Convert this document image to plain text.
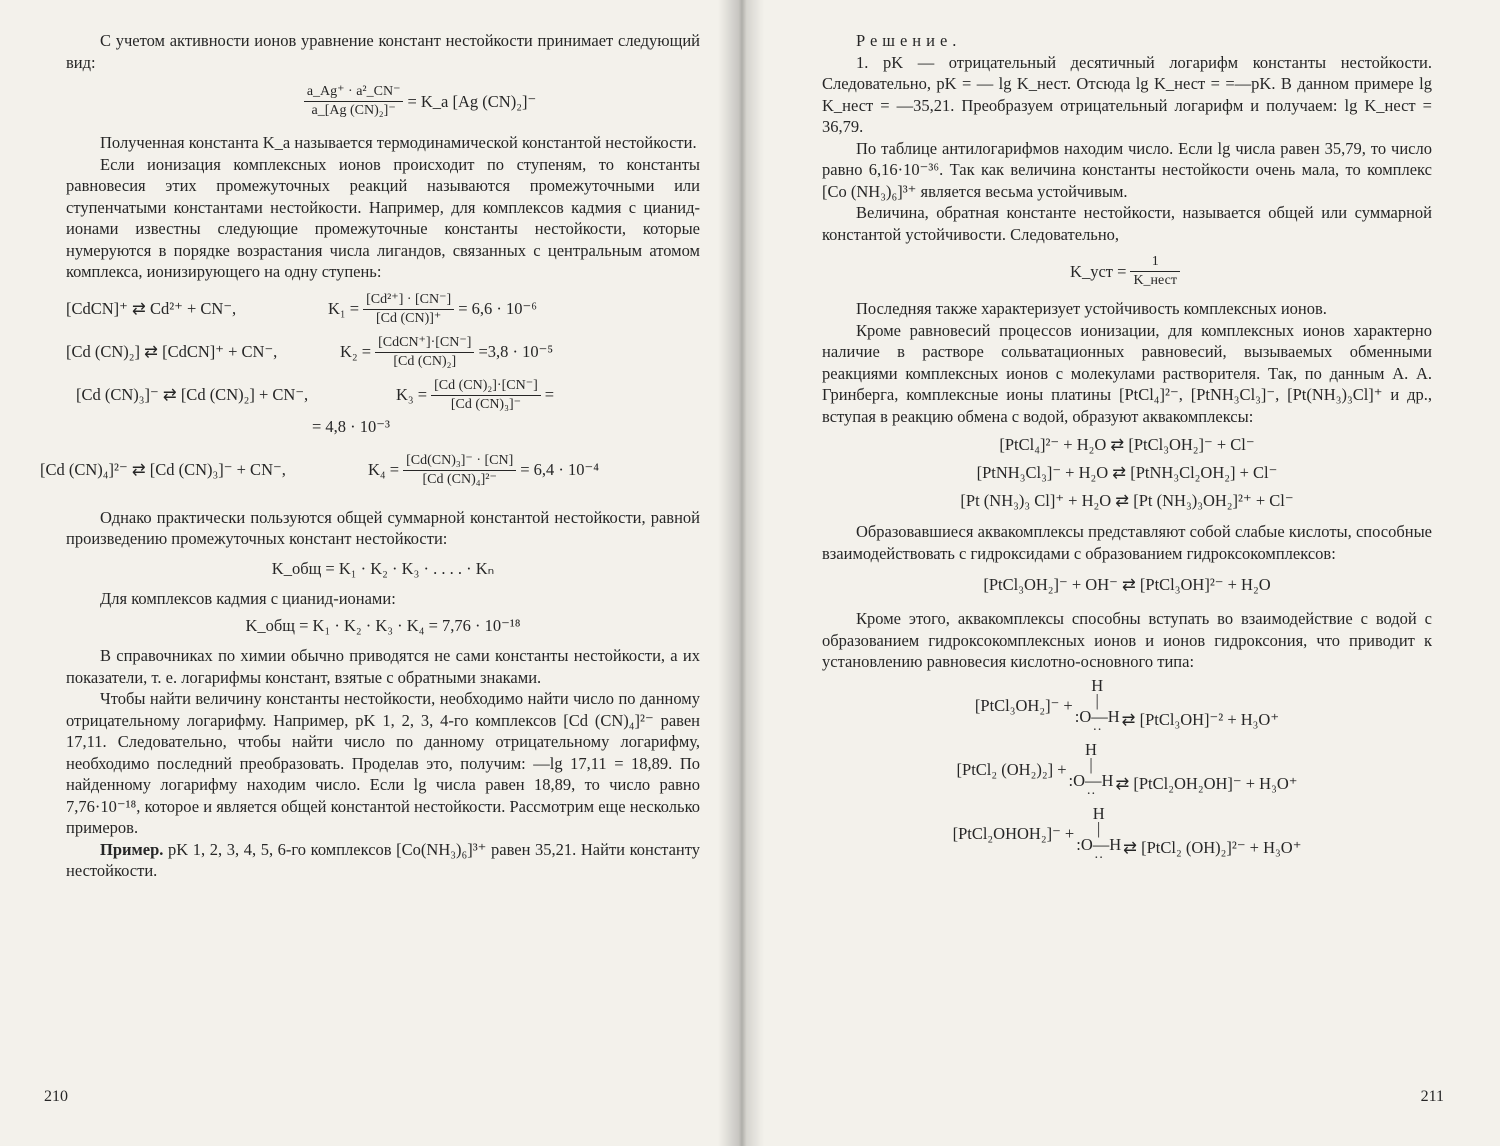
С учетом активности ионов уравнение констант нестойкости принимает следующий вид:

$\frac{\text{a\_Ag⁺ · a²\_CN⁻}}{\text{a\_[Ag (CN)₂]⁻}}$ = K_a [Ag (CN)₂]⁻

Полученная константа K_a называется термодинамической константой нестойкости.

Если ионизация комплексных ионов происходит по ступеням, то константы равновесия этих промежуточных реакций называются промежуточными или ступенчатыми константами нестойкости. Например, для комплексов кадмия с цианид-ионами известны следующие промежуточные константы нестойкости, которые нумеруются в порядке возрастания числа лигандов, связанных с центральным атомом комплекса, ионизирующего на одну ступень:

[CdCN]⁺ ⇄ Cd²⁺ + CN⁻,	$K_1 = \frac{\text{[Cd²⁺] · [CN⁻]}}{[Cd (CN)]^+} = 6,6 \cdot 10^{-6}$
[Cd (CN)₂] ⇄ [CdCN]⁺ + CN⁻,	$K_2 = \frac{\text{[CdCN⁺]·[CN⁻]}}{\text{[Cd (CN)₂]}} =3,8 \cdot 10^{-5}$
[Cd (CN)₃]⁻ ⇄ [Cd (CN)₂] + CN⁻,	$K_3 = \frac{\text{[Cd (CN)₂]·[CN⁻]}}{\text{[Cd (CN)₃]⁻}}$ =
= 4,8 · 10⁻³
[Cd (CN)₄]²⁻ ⇄ [Cd (CN)₃]⁻ + CN⁻,	$K_4 = \frac{\text{[Cd(CN)₃]⁻ · [CN]}}{\text{[Cd (CN)₄]²⁻}} = 6,4 \cdot 10^{-4}$

Однако практически пользуются общей суммарной константой нестойкости, равной произведению промежуточных констант нестойкости:

K_общ = K₁ · K₂ · K₃ · . . . . · Kₙ

Для комплексов кадмия с цианид-ионами:

K_общ = K₁ · K₂ · K₃ · K₄ = 7,76 · 10⁻¹⁸

В справочниках по химии обычно приводятся не сами константы нестойкости, а их показатели, т. е. логарифмы констант, взятые с обратными знаками.

Чтобы найти величину константы нестойкости, необходимо найти число по данному отрицательному логарифму. Например, pK 1, 2, 3, 4-го комплексов [Cd (CN)₄]²⁻ равен 17,11. Следовательно, чтобы найти число по данному отрицательному логарифму, необходимо последний преобразовать. Проделав это, получим: —lg 17,11 = 18,89. По найденному логарифму находим число. Если lg числа равен 18,89, то число равно 7,76·10⁻¹⁸, которое и является общей константой нестойкости. Рассмотрим еще несколько примеров.

Пример. pK 1, 2, 3, 4, 5, 6-го комплексов [Co(NH₃)₆]³⁺ равен 35,21. Найти константу нестойкости.

210

Решение.

1. pK — отрицательный десятичный логарифм константы нестойкости. Следовательно, pK = — lg K_нест. Отсюда lg K_нест = =—pK. В данном примере lg K_нест = —35,21. Преобразуем отрицательный логарифм и получаем: lg K_нест = 36,79.

По таблице антилогарифмов находим число. Если lg числа равен 35,79, то число равно 6,16·10⁻³⁶. Так как величина константы нестойкости очень мала, то комплекс [Co (NH₃)₆]³⁺ является весьма устойчивым.

Величина, обратная константе нестойкости, называется общей или суммарной константой устойчивости. Следовательно,

K_уст = $\frac{1}{\text{K\_нест}}$

Последняя также характеризует устойчивость комплексных ионов.

Кроме равновесий процессов ионизации, для комплексных ионов характерно наличие в растворе сольватационных равновесий, вызываемых обменными реакциями комплексных ионов с молекулами растворителя. Так, по данным А. А. Гринберга, комплексные ионы платины [PtCl₄]²⁻, [PtNH₃Cl₃]⁻, [Pt(NH₃)₃Cl]⁺ и др., вступая в реакцию обмена с водой, образуют аквакомплексы:

[PtCl₄]²⁻ + H₂O ⇄ [PtCl₃OH₂]⁻ + Cl⁻
[PtNH₃Cl₃]⁻ + H₂O ⇄ [PtNH₃Cl₂OH₂] + Cl⁻
[Pt (NH₃)₃ Cl]⁺ + H₂O ⇄ [Pt (NH₃)₃OH₂]²⁺ + Cl⁻

Образовавшиеся аквакомплексы представляют собой слабые кислоты, способные взаимодействовать с гидроксидами с образованием гидроксокомплексов:

[PtCl₃OH₂]⁻ + OH⁻ ⇄ [PtCl₃OH]²⁻ + H₂O

Кроме этого, аквакомплексы способны вступать во взаимодействие с водой с образованием гидроксокомплексных ионов и ионов гидроксония, что приводит к установлению равновесия кислотно-основного типа:

[PtCl₃OH₂]⁻ +
H
|
:O—H
··
⇄ [PtCl₃OH]⁻² + H₃O⁺
[PtCl₂ (OH₂)₂] +
H
|
:O—H
··
⇄ [PtCl₂OH₂OH]⁻ + H₃O⁺
[PtCl₂OHOH₂]⁻ +
H
|
:O—H
··
⇄ [PtCl₂ (OH)₂]²⁻ + H₃O⁺
211
